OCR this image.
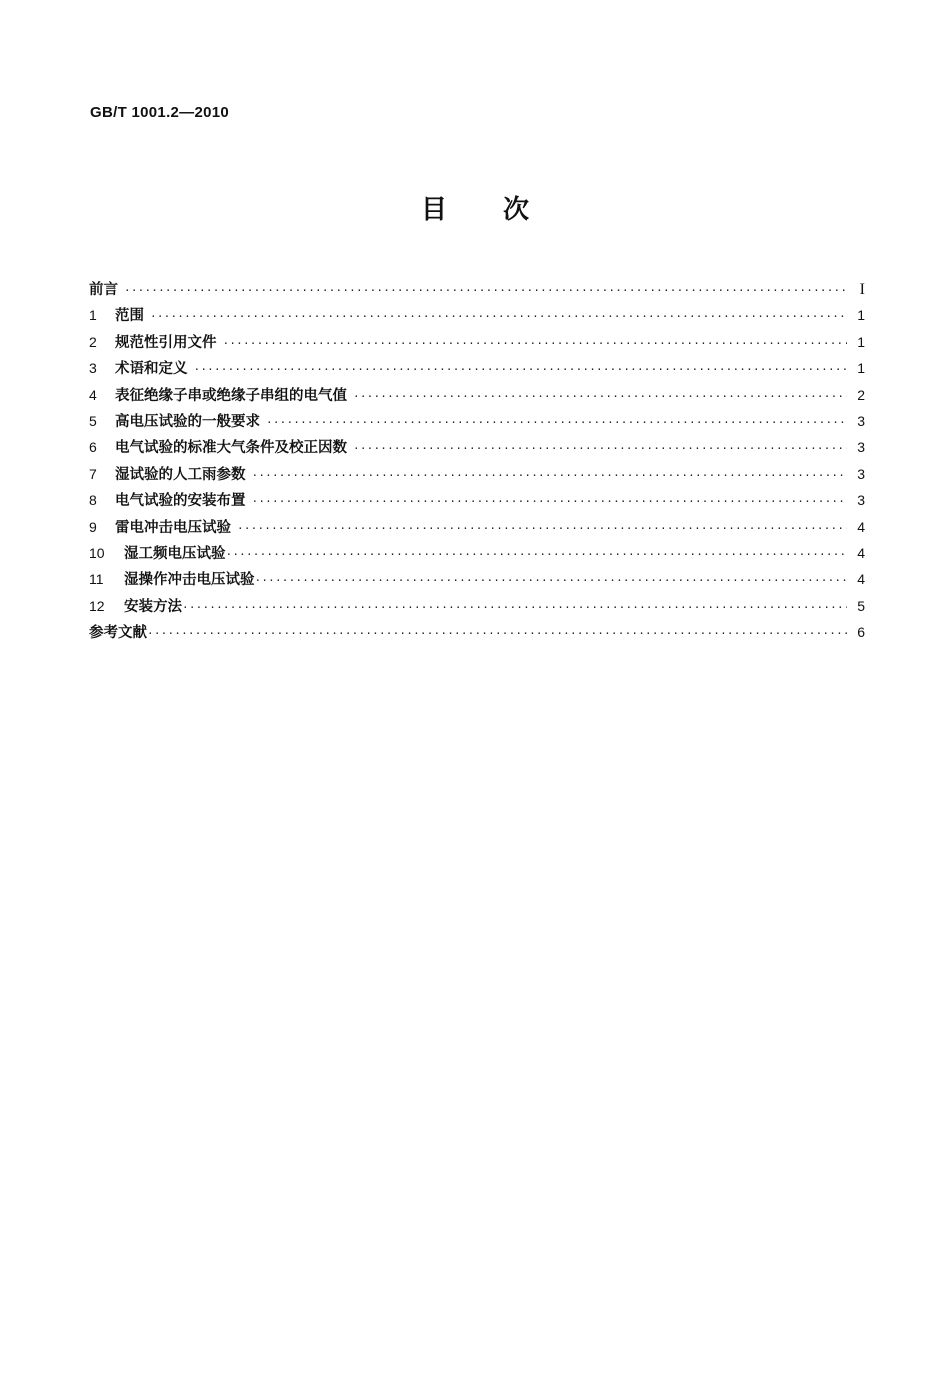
GB/T 1001.2—2010
目 次
前言 ·····	I
1	范围 ·····	1
2	规范性引用文件 ·····	1
3	术语和定义 ·····	1
4	表征绝缘子串或绝缘子串组的电气值 ·····	2
5	高电压试验的一般要求 ·····	3
6	电气试验的标准大气条件及校正因数 ·····	3
7	湿试验的人工雨参数 ·····	3
8	电气试验的安装布置 ·····	3
9	雷电冲击电压试验 ·····	4
10	湿工频电压试验 ·····	4
11	湿操作冲击电压试验 ·····	4
12	安装方法 ·····	5
参考文献 ·····	6
